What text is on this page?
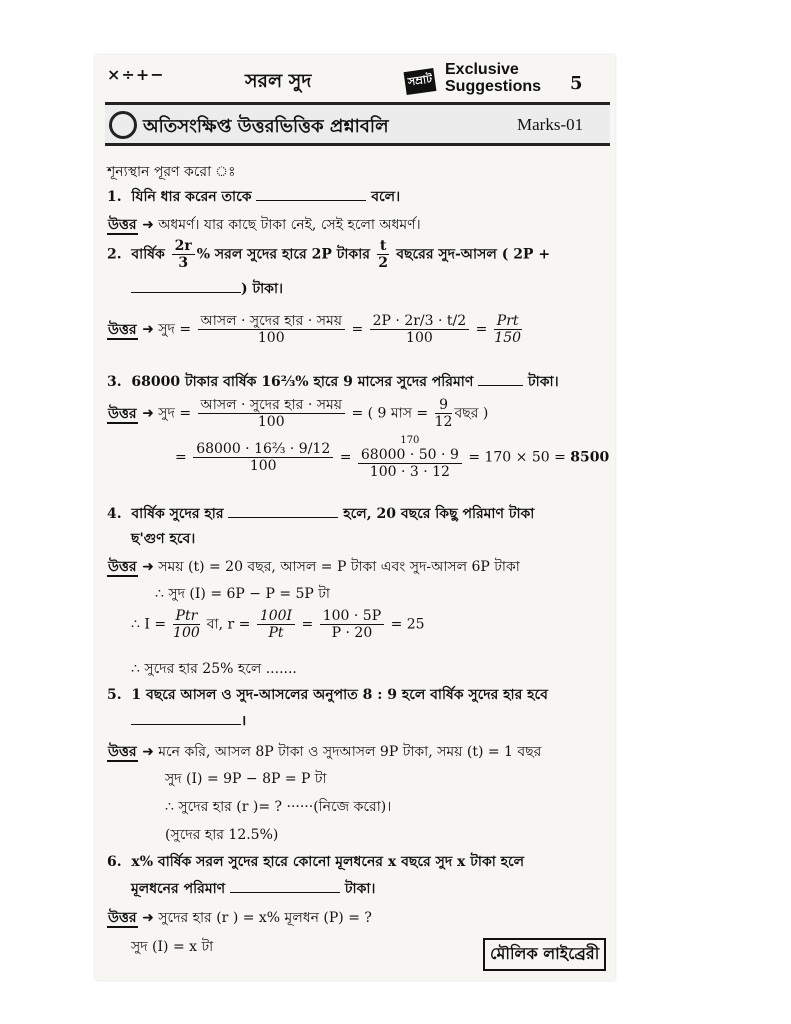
×÷+−	সরল সুদ	সম্রাট
Exclusive
Suggestions 5
অতিসংক্ষিপ্ত উত্তরভিত্তিক প্রশ্নাবলি	Marks-01
শূন্যস্থান পূরণ করো ঃ
1. যিনি ধার করেন তাকে	বলে।
উত্তর ➜ অধমর্ণ। যার কাছে টাকা নেই, সেই হলো অধমর্ণ।
2. বার্ষিক $\frac{2r}{3}$ % সরল সুদের হারে 2P টাকার $\frac{t}{2}$ বছরের সুদ-আসল ( 2P +
) টাকা।
উত্তর ➜ সুদ = $\frac{\text{আসল · সুদের হার · সময়}}{100} = \frac{2P \cdot 2r/3 \cdot t/2}{100} = \frac{\text{Prt}}{150}$
3. 68000 টাকার বার্ষিক 16⅔% হারে 9 মাসের সুদের পরিমাণ	টাকা।
উত্তর ➜ সুদ = $\frac{\text{আসল · সুদের হার · সময়}}{100}$ = ( 9 মাস = $\frac{9}{12}$ বছর )
= $\frac{\text{68000 · 16⅔ · 9/12}}{100}$ =
170
68000 · 50 · 9
100 · 3 · 12
= 170 × 50 = 8500
4. বার্ষিক সুদের হার	হলে, 20 বছরে কিছু পরিমাণ টাকা
ছ'গুণ হবে।
উত্তর ➜ সময় (t) = 20 বছর, আসল = P টাকা এবং সুদ-আসল 6P টাকা
∴ সুদ (I) = 6P − P = 5P টা
∴ $I = \frac{\text{Ptr}}{100}$ বা, $r = \frac{100I}{Pt} = \frac{100 \cdot 5P}{P \cdot 20} = 25$
∴ সুদের হার 25% হলে .......
5. 1 বছরে আসল ও সুদ-আসলের অনুপাত 8 : 9 হলে বার্ষিক সুদের হার হবে
।
উত্তর ➜ মনে করি, আসল 8P টাকা ও সুদআসল 9P টাকা, সময় (t) = 1 বছর
সুদ (I) = 9P − 8P = P টা
∴ সুদের হার (r )= ? ······(নিজে করো)।
(সুদের হার 12.5%)
6. x% বার্ষিক সরল সুদের হারে কোনো মূলধনের x বছরে সুদ x টাকা হলে
মূলধনের পরিমাণ	টাকা।
উত্তর ➜ সুদের হার (r ) = x% মূলধন (P) = ?
সুদ (I) = x টা	মৌলিক লাইব্রেরী
